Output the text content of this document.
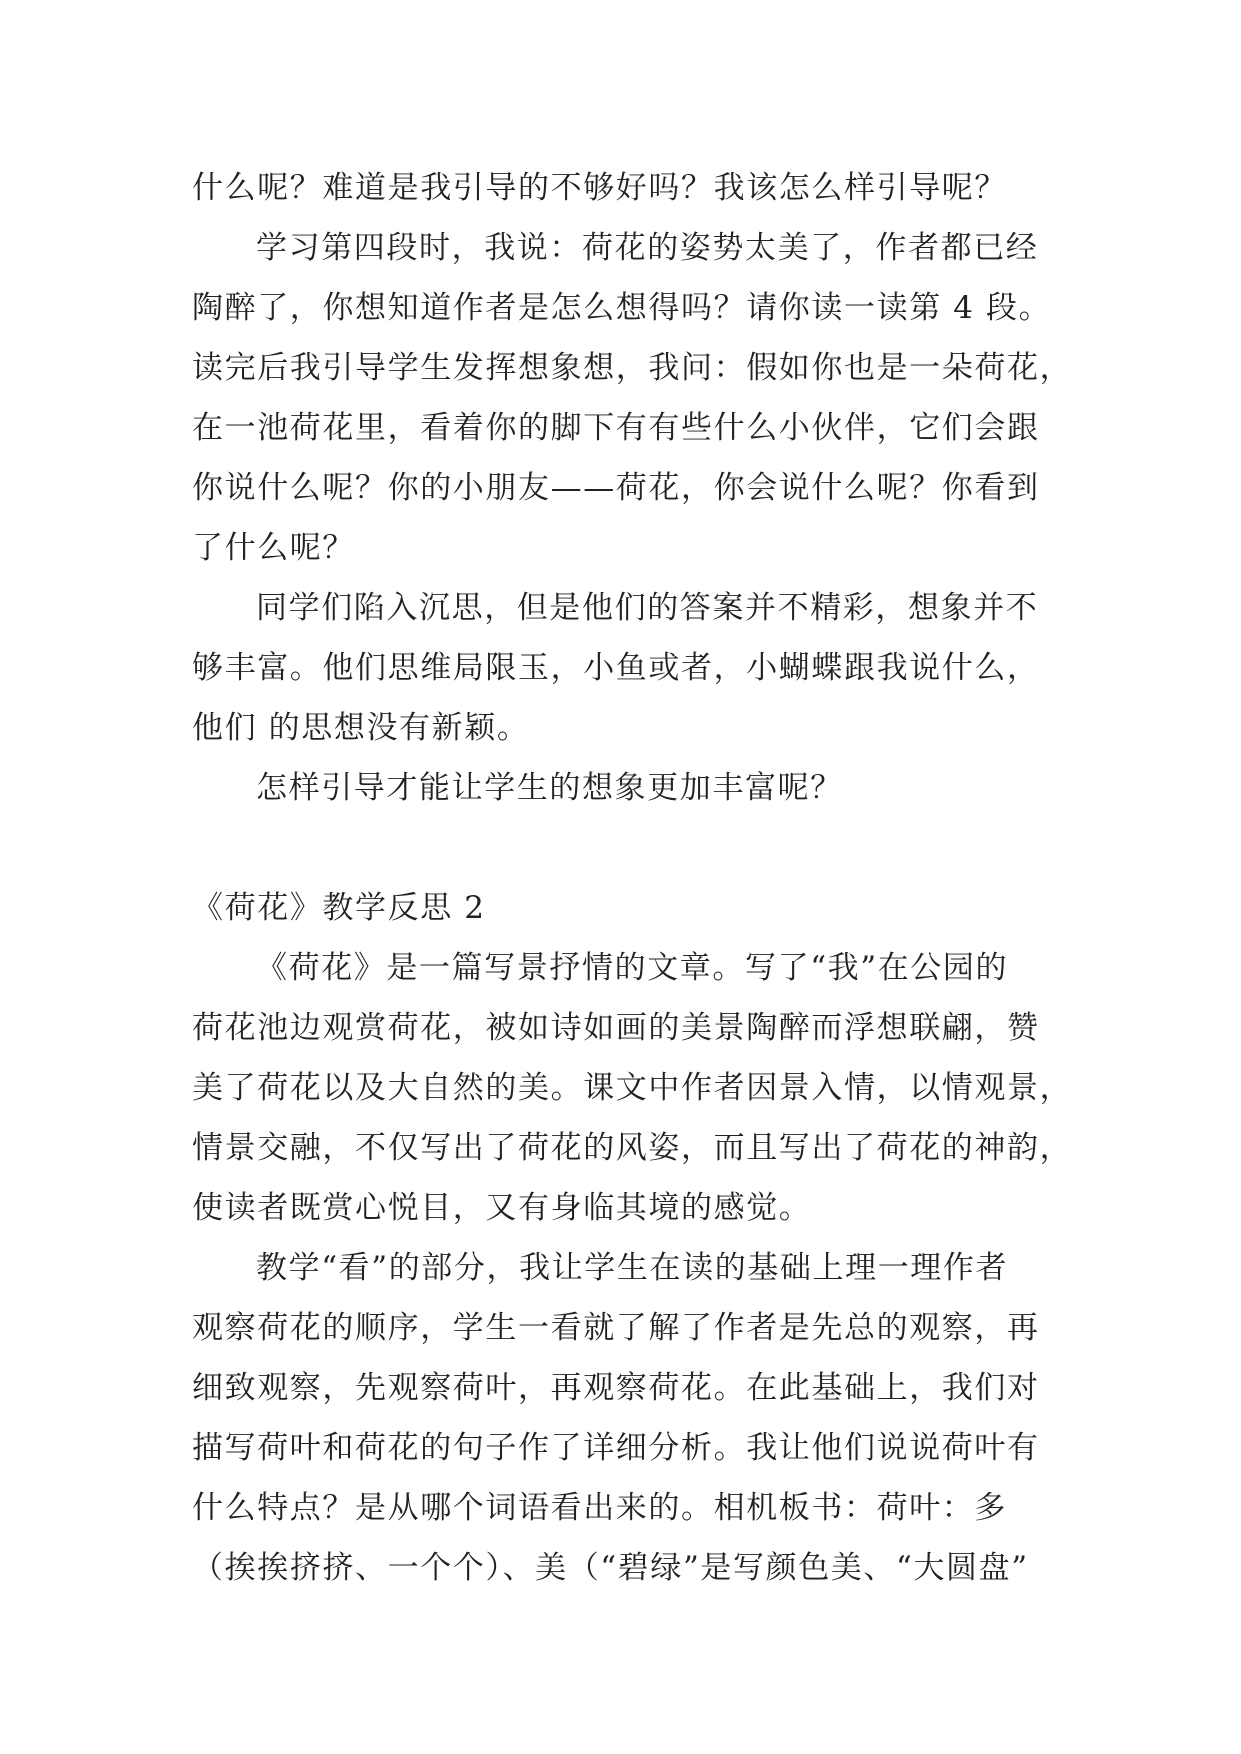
什么呢？难道是我引导的不够好吗？我该怎么样引导呢？
学习第四段时，我说：荷花的姿势太美了，作者都已经
陶醉了，你想知道作者是怎么想得吗？请你读一读第 4 段。
读完后我引导学生发挥想象想，我问：假如你也是一朵荷花，
在一池荷花里，看着你的脚下有有些什么小伙伴，它们会跟
你说什么呢？你的小朋友——荷花，你会说什么呢？你看到
了什么呢？
同学们陷入沉思，但是他们的答案并不精彩，想象并不
够丰富。他们思维局限玉，小鱼或者，小蝴蝶跟我说什么，
他们 的思想没有新颖。
怎样引导才能让学生的想象更加丰富呢？
《荷花》教学反思 2
《荷花》是一篇写景抒情的文章。写了“我”在公园的
荷花池边观赏荷花，被如诗如画的美景陶醉而浮想联翩，赞
美了荷花以及大自然的美。课文中作者因景入情，以情观景，
情景交融，不仅写出了荷花的风姿，而且写出了荷花的神韵，
使读者既赏心悦目，又有身临其境的感觉。
教学“看”的部分，我让学生在读的基础上理一理作者
观察荷花的顺序，学生一看就了解了作者是先总的观察，再
细致观察，先观察荷叶，再观察荷花。在此基础上，我们对
描写荷叶和荷花的句子作了详细分析。我让他们说说荷叶有
什么特点？是从哪个词语看出来的。相机板书：荷叶：多
（挨挨挤挤、一个个）、美（“碧绿”是写颜色美、“大圆盘”
